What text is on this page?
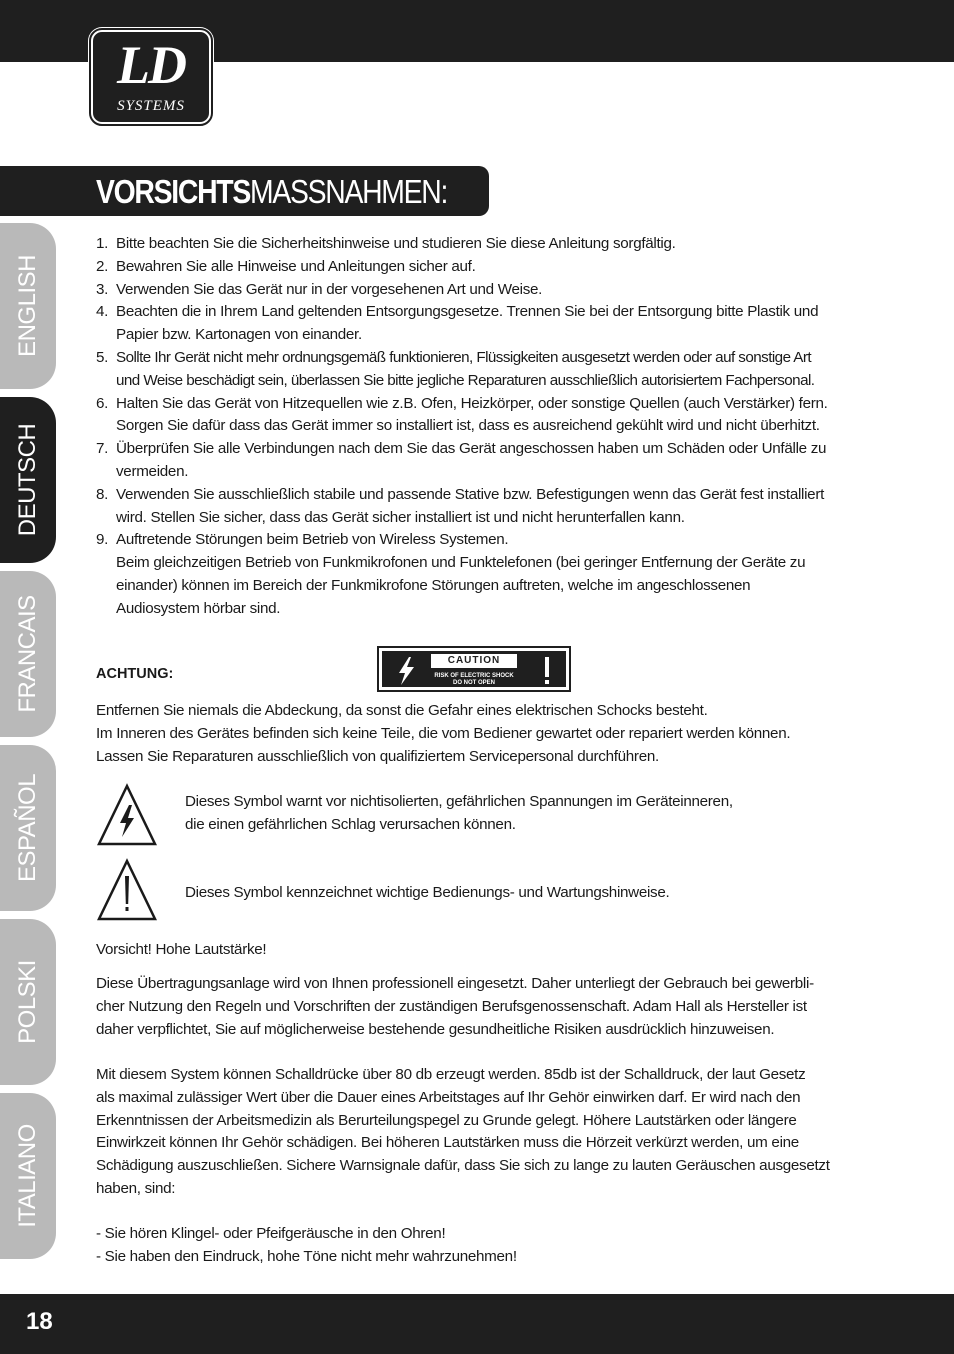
LD
SYSTEMS
VORSICHTSMASSNAHMEN:
ENGLISH
DEUTSCH
FRANCAIS
ESPAÑOL
POLSKI
ITALIANO
1. Bitte beachten Sie die Sicherheitshinweise und studieren Sie diese Anleitung sorgfältig.
2. Bewahren Sie alle Hinweise und Anleitungen sicher auf.
3. Verwenden Sie das Gerät nur in der vorgesehenen Art und Weise.
4. Beachten die in Ihrem Land geltenden Entsorgungsgesetze. Trennen Sie bei der Entsorgung bitte Plastik und
Papier bzw. Kartonagen von einander.
5. Sollte Ihr Gerät nicht mehr ordnungsgemäß funktionieren, Flüssigkeiten ausgesetzt werden oder auf sonstige Art
und Weise beschädigt sein, überlassen Sie bitte jegliche Reparaturen ausschließlich autorisiertem Fachpersonal.
6. Halten Sie das Gerät von Hitzequellen wie z.B. Ofen, Heizkörper, oder sonstige Quellen (auch Verstärker) fern.
Sorgen Sie dafür dass das Gerät immer so installiert ist, dass es ausreichend gekühlt wird und nicht überhitzt.
7. Überprüfen Sie alle Verbindungen nach dem Sie das Gerät angeschossen haben um Schäden oder Unfälle zu
vermeiden.
8. Verwenden Sie ausschließlich stabile und passende Stative bzw. Befestigungen wenn das Gerät fest installiert
wird. Stellen Sie sicher, dass das Gerät sicher installiert ist und nicht herunterfallen kann.
9. Auftretende Störungen beim Betrieb von Wireless Systemen.
Beim gleichzeitigen Betrieb von Funkmikrofonen und Funktelefonen (bei geringer Entfernung der Geräte zu
einander) können im Bereich der Funkmikrofone Störungen auftreten, welche im angeschlossenen
Audiosystem hörbar sind.
ACHTUNG:
CAUTION
RISK OF ELECTRIC SHOCK
DO NOT OPEN
Entfernen Sie niemals die Abdeckung, da sonst die Gefahr eines elektrischen Schocks besteht.
Im Inneren des Gerätes befinden sich keine Teile, die vom Bediener gewartet oder repariert werden können.
Lassen Sie Reparaturen ausschließlich von qualifiziertem Servicepersonal durchführen.
Dieses Symbol warnt vor nichtisolierten, gefährlichen Spannungen im Geräteinneren,
die einen gefährlichen Schlag verursachen können.
Dieses Symbol kennzeichnet wichtige Bedienungs- und Wartungshinweise.
Vorsicht! Hohe Lautstärke!
Diese Übertragungsanlage wird von Ihnen professionell eingesetzt. Daher unterliegt der Gebrauch bei gewerbli-
cher Nutzung den Regeln und Vorschriften der zuständigen Berufsgenossenschaft. Adam Hall als Hersteller ist
daher verpflichtet, Sie auf möglicherweise bestehende gesundheitliche Risiken ausdrücklich hinzuweisen.
Mit diesem System können Schalldrücke über 80 db erzeugt werden. 85db ist der Schalldruck, der laut Gesetz
als maximal zulässiger Wert über die Dauer eines Arbeitstages auf Ihr Gehör einwirken darf. Er wird nach den
Erkenntnissen der Arbeitsmedizin als Berurteilungspegel zu Grunde gelegt. Höhere Lautstärken oder längere
Einwirkzeit können Ihr Gehör schädigen. Bei höheren Lautstärken muss die Hörzeit verkürzt werden, um eine
Schädigung auszuschließen. Sichere Warnsignale dafür, dass Sie sich zu lange zu lauten Geräuschen ausgesetzt
haben, sind:
- Sie hören Klingel- oder Pfeifgeräusche in den Ohren!
- Sie haben den Eindruck, hohe Töne nicht mehr wahrzunehmen!
18
